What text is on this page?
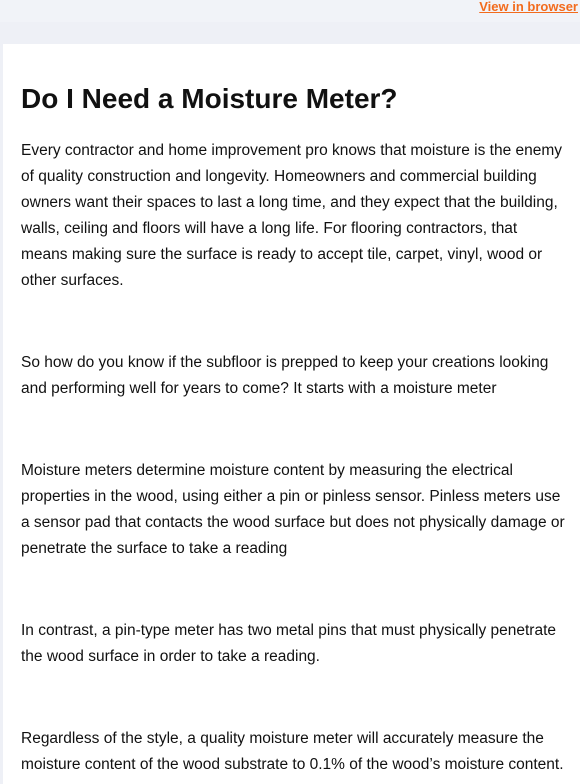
View in browser
Do I Need a Moisture Meter?

Every contractor and home improvement pro knows that moisture is the enemy of quality construction and longevity. Homeowners and commercial building owners want their spaces to last a long time, and they expect that the building, walls, ceiling and floors will have a long life. For flooring contractors, that means making sure the surface is ready to accept tile, carpet, vinyl, wood or other surfaces.

So how do you know if the subfloor is prepped to keep your creations looking and performing well for years to come? It starts with a moisture meter

Moisture meters determine moisture content by measuring the electrical properties in the wood, using either a pin or pinless sensor. Pinless meters use a sensor pad that contacts the wood surface but does not physically damage or penetrate the surface to take a reading

In contrast, a pin-type meter has two metal pins that must physically penetrate the wood surface in order to take a reading.

Regardless of the style, a quality moisture meter will accurately measure the moisture content of the wood substrate to 0.1% of the wood’s moisture content.
